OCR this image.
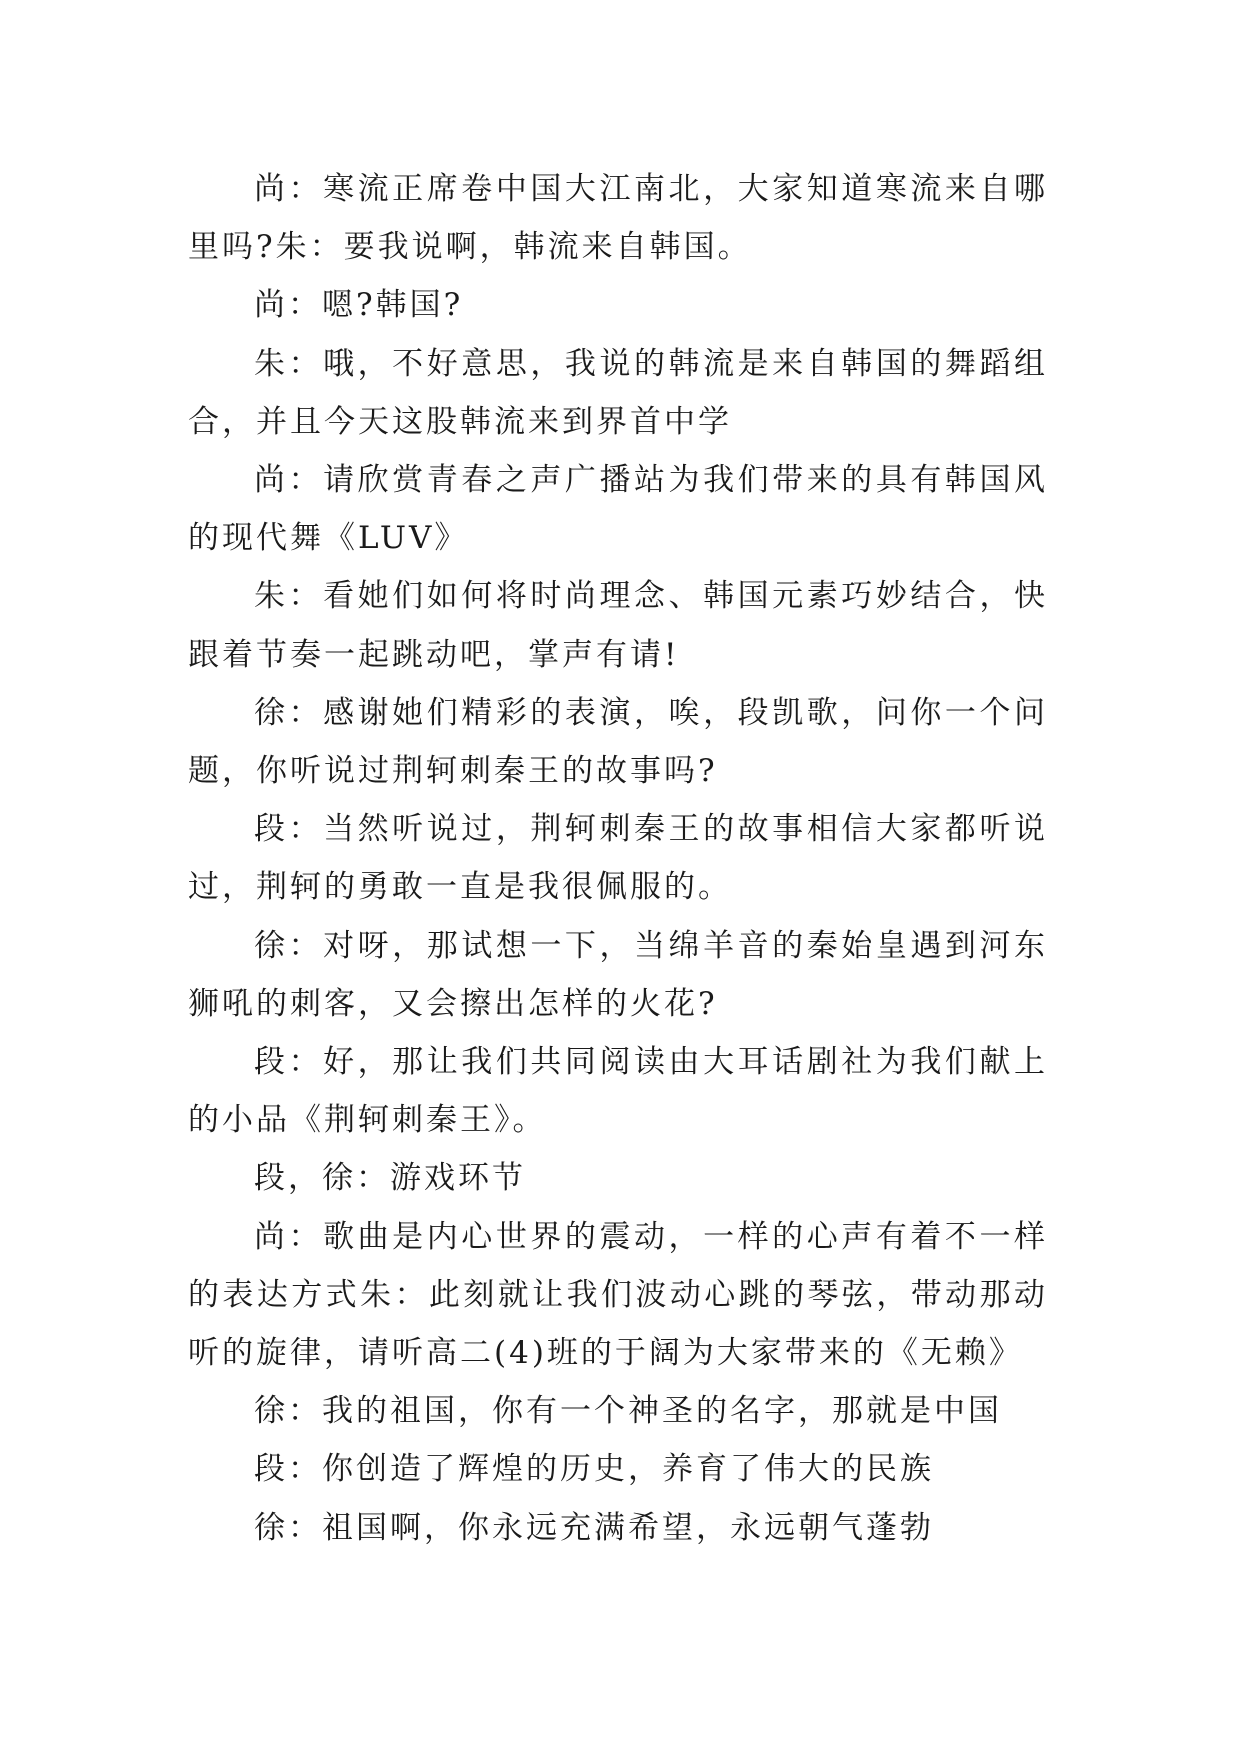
尚：寒流正席卷中国大江南北，大家知道寒流来自哪里吗?朱：要我说啊，韩流来自韩国。

尚：嗯?韩国?

朱：哦，不好意思，我说的韩流是来自韩国的舞蹈组合，并且今天这股韩流来到界首中学

尚：请欣赏青春之声广播站为我们带来的具有韩国风的现代舞《LUV》

朱：看她们如何将时尚理念、韩国元素巧妙结合，快跟着节奏一起跳动吧，掌声有请!

徐：感谢她们精彩的表演，唉，段凯歌，问你一个问题，你听说过荆轲刺秦王的故事吗?

段：当然听说过，荆轲刺秦王的故事相信大家都听说过，荆轲的勇敢一直是我很佩服的。

徐：对呀，那试想一下，当绵羊音的秦始皇遇到河东狮吼的刺客，又会擦出怎样的火花?

段：好，那让我们共同阅读由大耳话剧社为我们献上的小品《荆轲刺秦王》。

段，徐：游戏环节

尚：歌曲是内心世界的震动，一样的心声有着不一样的表达方式朱：此刻就让我们波动心跳的琴弦，带动那动听的旋律，请听高二(4)班的于阔为大家带来的《无赖》

徐：我的祖国，你有一个神圣的名字，那就是中国

段：你创造了辉煌的历史，养育了伟大的民族

徐：祖国啊，你永远充满希望，永远朝气蓬勃
